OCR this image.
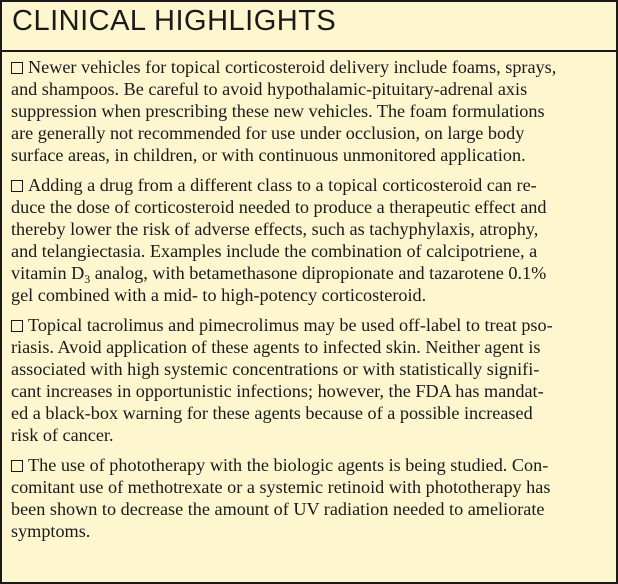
CLINICAL HIGHLIGHTS
Newer vehicles for topical corticosteroid delivery include foams, sprays,
and shampoos. Be careful to avoid hypothalamic-pituitary-adrenal axis
suppression when prescribing these new vehicles. The foam formulations
are generally not recommended for use under occlusion, on large body
surface areas, in children, or with continuous unmonitored application.
Adding a drug from a different class to a topical corticosteroid can re-
duce the dose of corticosteroid needed to produce a therapeutic effect and
thereby lower the risk of adverse effects, such as tachyphylaxis, atrophy,
and telangiectasia. Examples include the combination of calcipotriene, a
vitamin $D_3$ analog, with betamethasone dipropionate and tazarotene 0.1%
gel combined with a mid- to high-potency corticosteroid.
Topical tacrolimus and pimecrolimus may be used off-label to treat pso-
riasis. Avoid application of these agents to infected skin. Neither agent is
associated with high systemic concentrations or with statistically signifi-
cant increases in opportunistic infections; however, the FDA has mandat-
ed a black-box warning for these agents because of a possible increased
risk of cancer.
The use of phototherapy with the biologic agents is being studied. Con-
comitant use of methotrexate or a systemic retinoid with phototherapy has
been shown to decrease the amount of UV radiation needed to ameliorate
symptoms.
